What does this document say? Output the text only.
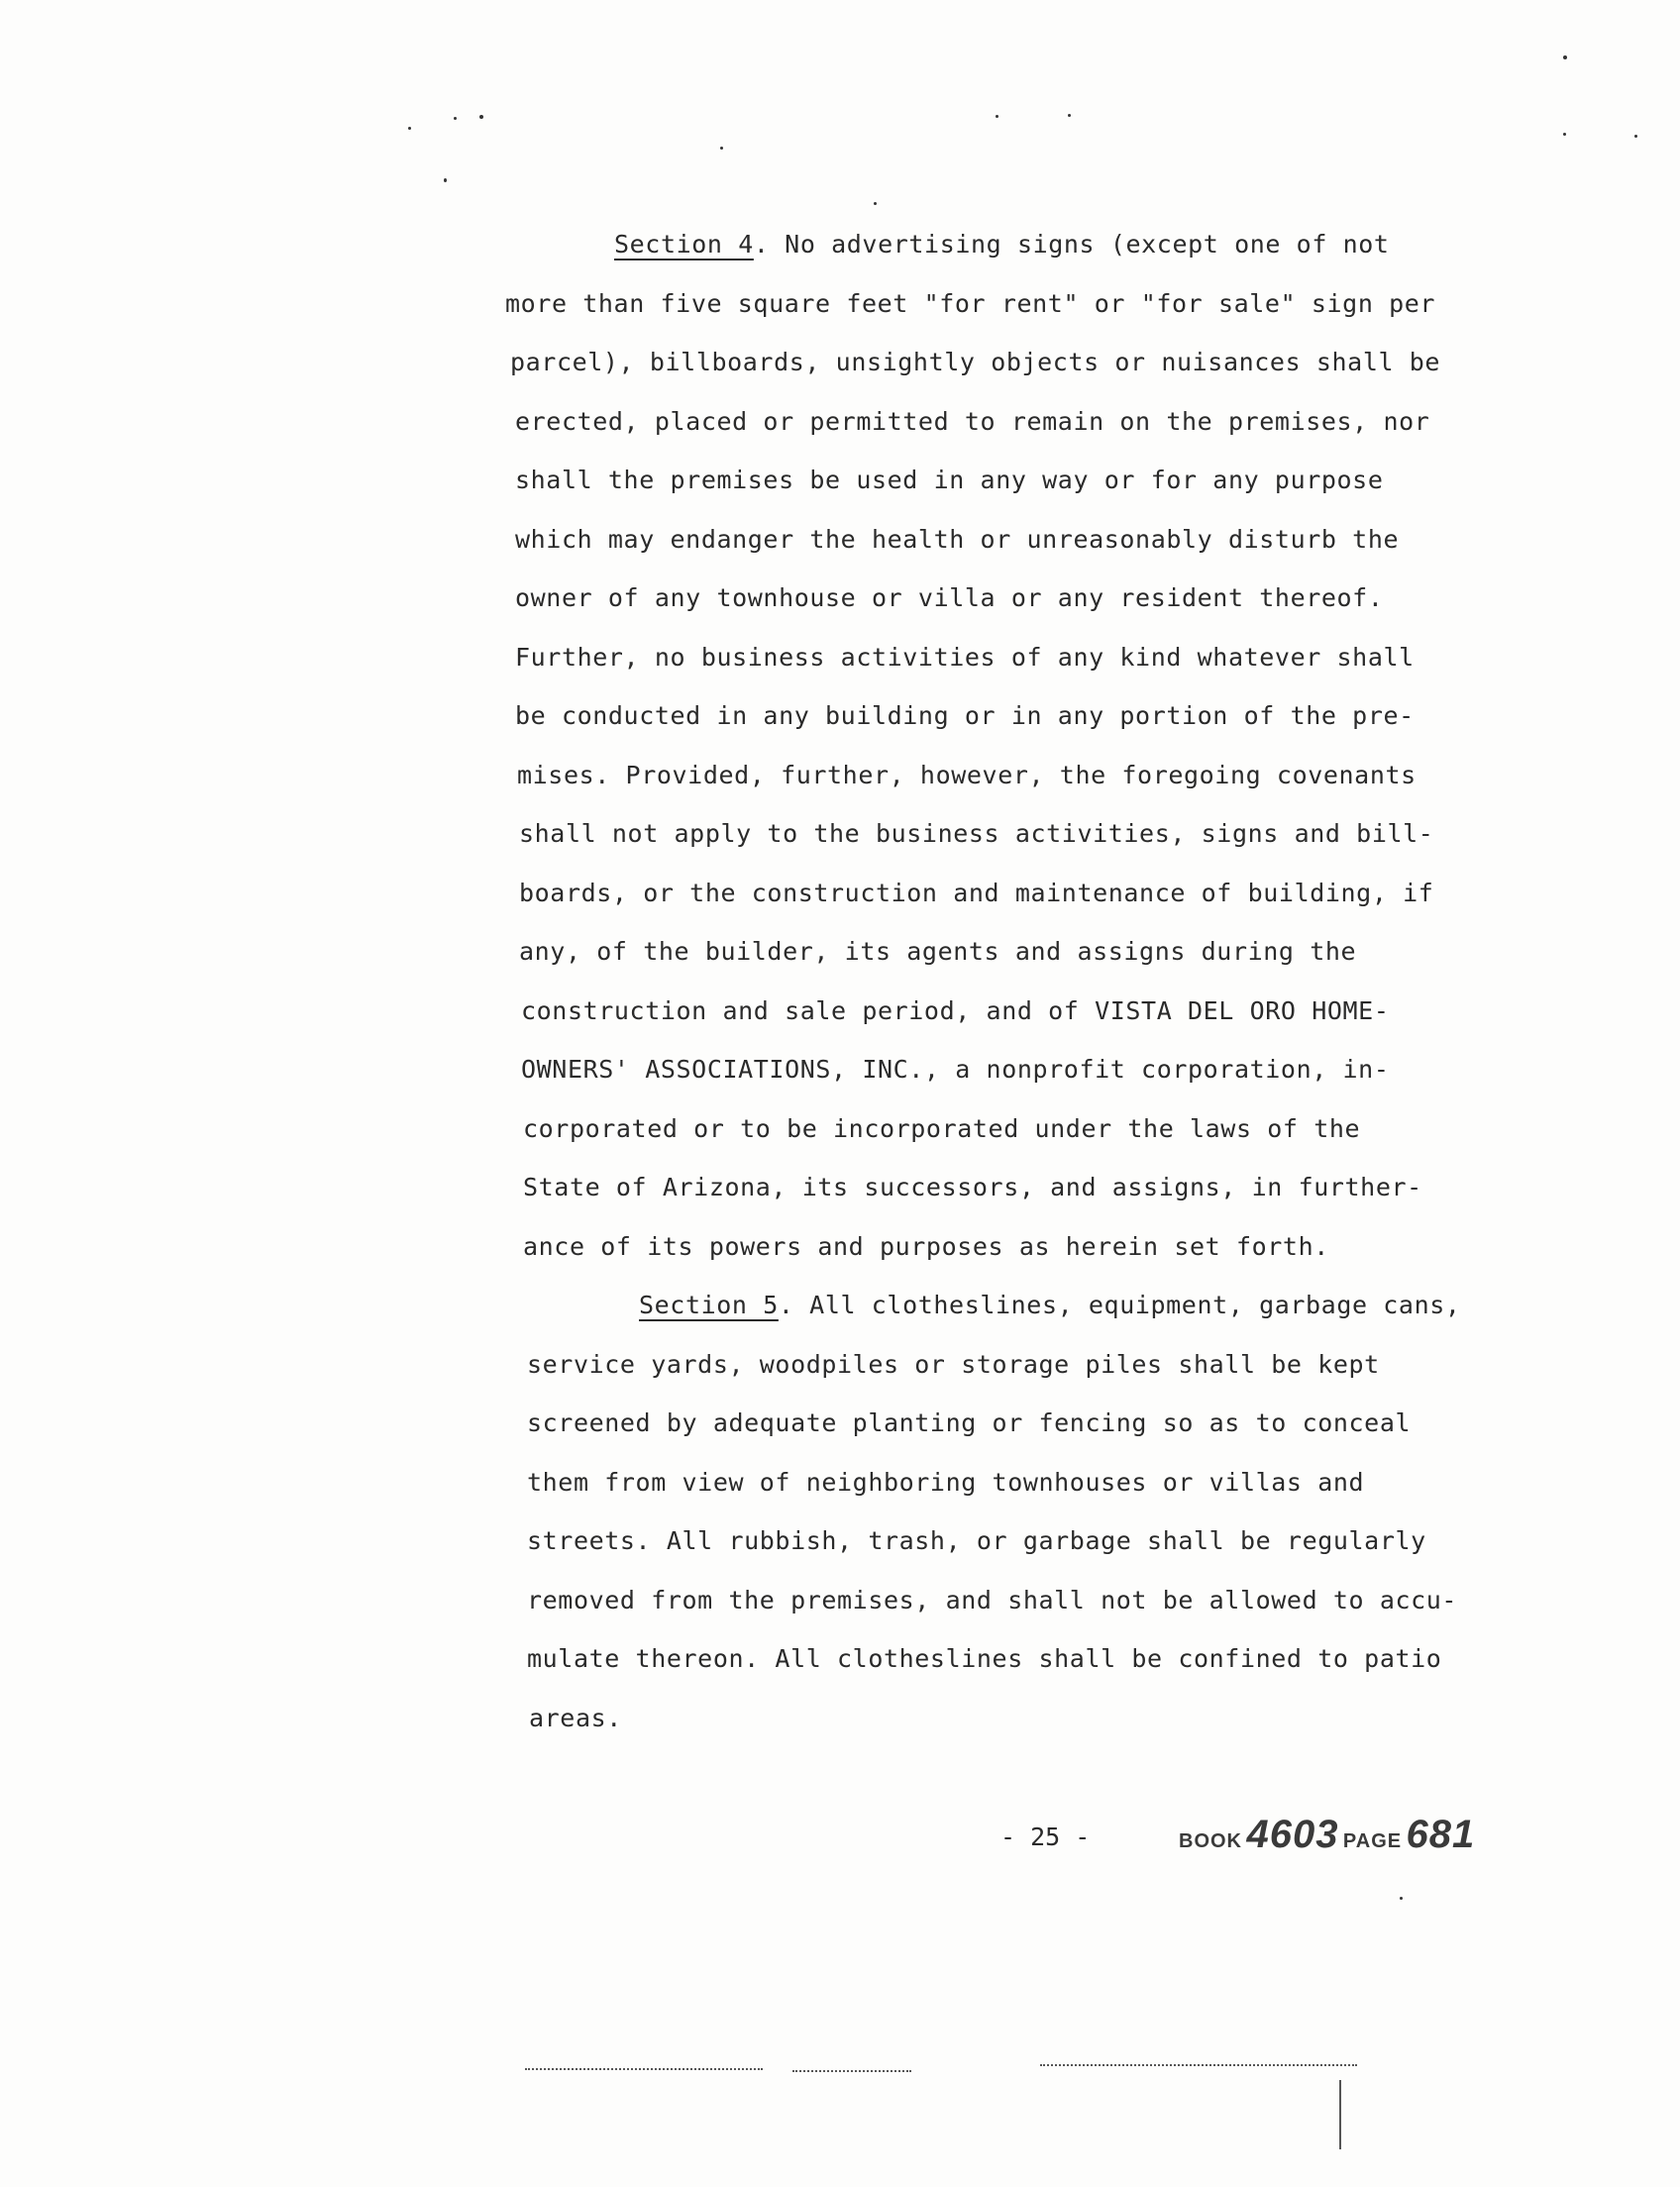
Section 4. No advertising signs (except one of not
more than five square feet "for rent" or "for sale" sign per
parcel), billboards, unsightly objects or nuisances shall be
erected, placed or permitted to remain on the premises, nor
shall the premises be used in any way or for any purpose
which may endanger the health or unreasonably disturb the
owner of any townhouse or villa or any resident thereof.
Further, no business activities of any kind whatever shall
be conducted in any building or in any portion of the pre-
mises. Provided, further, however, the foregoing covenants
shall not apply to the business activities, signs and bill-
boards, or the construction and maintenance of building, if
any, of the builder, its agents and assigns during the
construction and sale period, and of VISTA DEL ORO HOME-
OWNERS' ASSOCIATIONS, INC., a nonprofit corporation, in-
corporated or to be incorporated under the laws of the
State of Arizona, its successors, and assigns, in further-
ance of its powers and purposes as herein set forth.
Section 5. All clotheslines, equipment, garbage cans,
service yards, woodpiles or storage piles shall be kept
screened by adequate planting or fencing so as to conceal
them from view of neighboring townhouses or villas and
streets. All rubbish, trash, or garbage shall be regularly
removed from the premises, and shall not be allowed to accu-
mulate thereon. All clotheslines shall be confined to patio
areas.
- 25 -	BOOK 4603 PAGE 681
